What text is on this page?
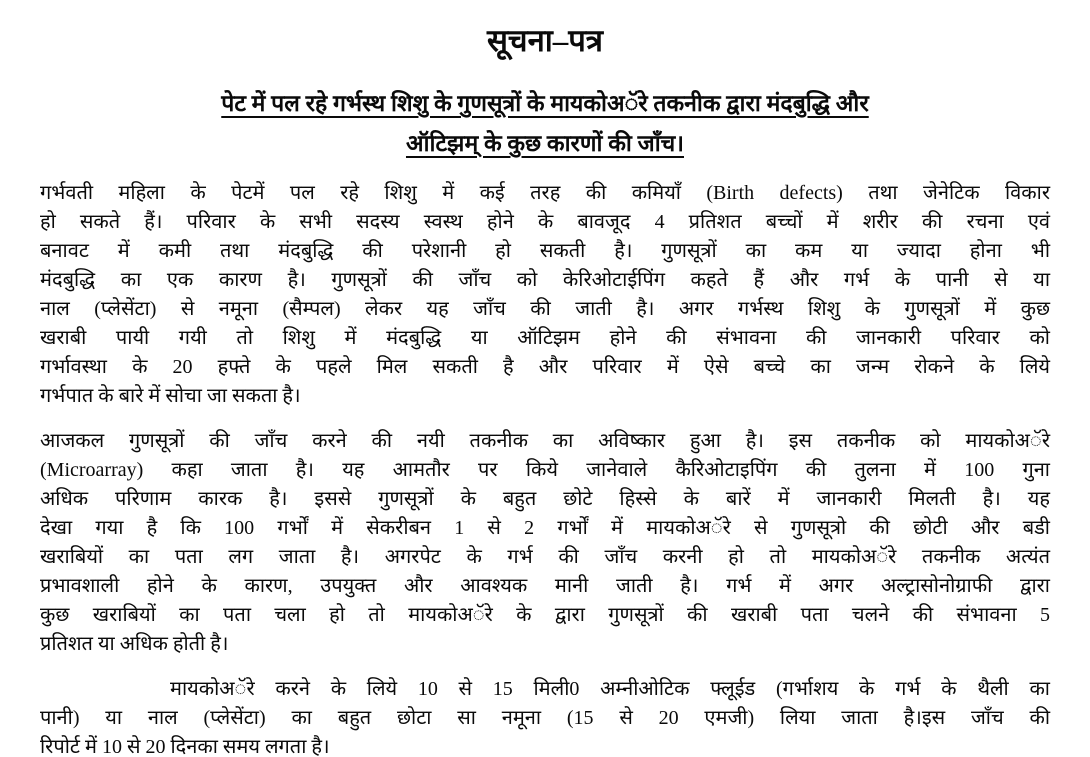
सूचना–पत्र
पेट में पल रहे गर्भस्थ शिशु के गुणसूत्रों के मायकोअॅरे तकनीक द्वारा मंदबुद्धि और
ऑटिझम् के कुछ कारणों की जाँच।
गर्भवती महिला के पेटमें पल रहे शिशु में कई तरह की कमियाँ (Birth defects) तथा जेनेटिक विकार
हो सकते हैं। परिवार के सभी सदस्य स्वस्थ होने के बावजूद 4 प्रतिशत बच्चों में शरीर की रचना एवं
बनावट में कमी तथा मंदबुद्धि की परेशानी हो सकती है। गुणसूत्रों का कम या ज्यादा होना भी
मंदबुद्धि का एक कारण है। गुणसूत्रों की जाँच को केरिओटाईपिंग कहते हैं और गर्भ के पानी से या
नाल (प्लेसेंटा) से नमूना (सैम्पल) लेकर यह जाँच की जाती है। अगर गर्भस्थ शिशु के गुणसूत्रों में कुछ
खराबी पायी गयी तो शिशु में मंदबुद्धि या ऑटिझम होने की संभावना की जानकारी परिवार को
गर्भावस्था के 20 हफ्ते के पहले मिल सकती है और परिवार में ऐसे बच्चे का जन्म रोकने के लिये
गर्भपात के बारे में सोचा जा सकता है।
आजकल गुणसूत्रों की जाँच करने की नयी तकनीक का अविष्कार हुआ है। इस तकनीक को मायकोअॅरे
(Microarray) कहा जाता है। यह आमतौर पर किये जानेवाले कैरिओटाइपिंग की तुलना में 100 गुना
अधिक परिणाम कारक है। इससे गुणसूत्रों के बहुत छोटे हिस्से के बारें में जानकारी मिलती है। यह
देखा गया है कि 100 गर्भों में सेकरीबन 1 से 2 गर्भों में मायकोअॅरे से गुणसूत्रो की छोटी और बडी
खराबियों का पता लग जाता है। अगरपेट के गर्भ की जाँच करनी हो तो मायकोअॅरे तकनीक अत्यंत
प्रभावशाली होने के कारण, उपयुक्त और आवश्यक मानी जाती है। गर्भ में अगर अल्ट्रासोनोग्राफी द्वारा
कुछ खराबियों का पता चला हो तो मायकोअॅरे के द्वारा गुणसूत्रों की खराबी पता चलने की संभावना 5
प्रतिशत या अधिक होती है।
मायकोअॅरे करने के लिये 10 से 15 मिली0 अम्नीओटिक फ्लूईड (गर्भाशय के गर्भ के थैली का
पानी) या नाल (प्लेसेंटा) का बहुत छोटा सा नमूना (15 से 20 एमजी) लिया जाता है।इस जाँच की
रिपोर्ट में 10 से 20 दिनका समय लगता है।
